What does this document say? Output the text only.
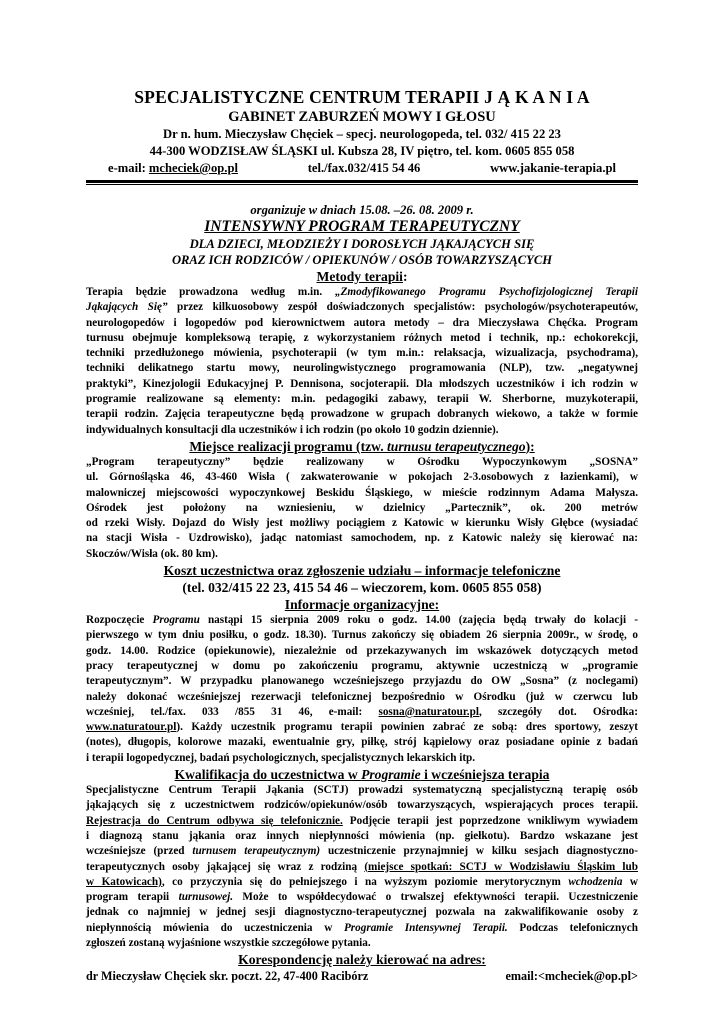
SPECJALISTYCZNE CENTRUM TERAPII J Ą K A N I A
GABINET ZABURZEŃ MOWY I GŁOSU
Dr n. hum. Mieczysław Chęciek – specj. neurologopeda, tel. 032/ 415 22 23
44-300 WODZISŁAW ŚLĄSKI ul. Kubsza 28, IV piętro, tel. kom. 0605 855 058
e-mail: mcheciek@op.pl	tel./fax.032/415 54 46	www.jakanie-terapia.pl
organizuje w dniach 15.08. –26. 08. 2009 r.
INTENSYWNY PROGRAM TERAPEUTYCZNY
DLA DZIECI, MŁODZIEŻY I DOROSŁYCH JĄKAJĄCYCH SIĘ
ORAZ ICH RODZICÓW / OPIEKUNÓW / OSÓB TOWARZYSZĄCYCH
Metody terapii:
Terapia będzie prowadzona według m.in. „Zmodyfikowanego Programu Psychofizjologicznej Terapii
Jąkających Się” przez kilkuosobowy zespół doświadczonych specjalistów: psychologów/psychoterapeutów,
neurologopedów i logopedów pod kierownictwem autora metody – dra Mieczysława Chęćka. Program
turnusu obejmuje kompleksową terapię, z wykorzystaniem różnych metod i technik, np.: echokorekcji,
techniki przedłużonego mówienia, psychoterapii (w tym m.in.: relaksacja, wizualizacja, psychodrama),
techniki delikatnego startu mowy, neurolingwistycznego programowania (NLP), tzw. „negatywnej
praktyki”, Kinezjologii Edukacyjnej P. Dennisona, socjoterapii. Dla młodszych uczestników i ich rodzin w
programie realizowane są elementy: m.in. pedagogiki zabawy, terapii W. Sherborne, muzykoterapii,
terapii rodzin. Zajęcia terapeutyczne będą prowadzone w grupach dobranych wiekowo, a także w formie
indywidualnych konsultacji dla uczestników i ich rodzin (po około 10 godzin dziennie).
Miejsce realizacji programu (tzw. turnusu terapeutycznego):
„Program terapeutyczny” będzie realizowany w Ośrodku Wypoczynkowym „SOSNA”
ul. Górnośląska 46, 43-460 Wisła ( zakwaterowanie w pokojach 2-3.osobowych z łazienkami), w
malowniczej miejscowości wypoczynkowej Beskidu Śląskiego, w mieście rodzinnym Adama Małysza.
Ośrodek jest położony na wzniesieniu, w dzielnicy „Partecznik”, ok. 200 metrów
od rzeki Wisły. Dojazd do Wisły jest możliwy pociągiem z Katowic w kierunku Wisły Głębce (wysiadać
na stacji Wisła - Uzdrowisko), jadąc natomiast samochodem, np. z Katowic należy się kierować na:
Skoczów/Wisła (ok. 80 km).
Koszt uczestnictwa oraz zgłoszenie udziału – informacje telefoniczne
(tel. 032/415 22 23, 415 54 46 – wieczorem, kom. 0605 855 058)
Informacje organizacyjne:
Rozpoczęcie Programu nastąpi 15 sierpnia 2009 roku o godz. 14.00 (zajęcia będą trwały do kolacji -
pierwszego w tym dniu posiłku, o godz. 18.30). Turnus zakończy się obiadem 26 sierpnia 2009r., w środę, o
godz. 14.00. Rodzice (opiekunowie), niezależnie od przekazywanych im wskazówek dotyczących metod
pracy terapeutycznej w domu po zakończeniu programu, aktywnie uczestniczą w „programie
terapeutycznym”. W przypadku planowanego wcześniejszego przyjazdu do OW „Sosna” (z noclegami)
należy dokonać wcześniejszej rezerwacji telefonicznej bezpośrednio w Ośrodku (już w czerwcu lub
wcześniej, tel./fax. 033 /855 31 46, e-mail: sosna@naturatour.pl, szczegóły dot. Ośrodka:
www.naturatour.pl). Każdy uczestnik programu terapii powinien zabrać ze sobą: dres sportowy, zeszyt
(notes), długopis, kolorowe mazaki, ewentualnie gry, piłkę, strój kąpielowy oraz posiadane opinie z badań
i terapii logopedycznej, badań psychologicznych, specjalistycznych lekarskich itp.
Kwalifikacja do uczestnictwa w Programie i wcześniejsza terapia
Specjalistyczne Centrum Terapii Jąkania (SCTJ) prowadzi systematyczną specjalistyczną terapię osób
jąkających się z uczestnictwem rodziców/opiekunów/osób towarzyszących, wspierających proces terapii.
Rejestracja do Centrum odbywa się telefonicznie. Podjęcie terapii jest poprzedzone wnikliwym wywiadem
i diagnozą stanu jąkania oraz innych niepłynności mówienia (np. giełkotu). Bardzo wskazane jest
wcześniejsze (przed turnusem terapeutycznym) uczestniczenie przynajmniej w kilku sesjach diagnostyczno-
terapeutycznych osoby jąkającej się wraz z rodziną (miejsce spotkań: SCTJ w Wodzisławiu Śląskim lub
w Katowicach), co przyczynia się do pełniejszego i na wyższym poziomie merytorycznym wchodzenia w
program terapii turnusowej. Może to współdecydować o trwalszej efektywności terapii. Uczestniczenie
jednak co najmniej w jednej sesji diagnostyczno-terapeutycznej pozwala na zakwalifikowanie osoby z
niepłynnością mówienia do uczestniczenia w Programie Intensywnej Terapii. Podczas telefonicznych
zgłoszeń zostaną wyjaśnione wszystkie szczegółowe pytania.
Korespondencję należy kierować na adres:
dr Mieczysław Chęciek skr. poczt. 22, 47-400 Racibórz	email:<mcheciek@op.pl>
